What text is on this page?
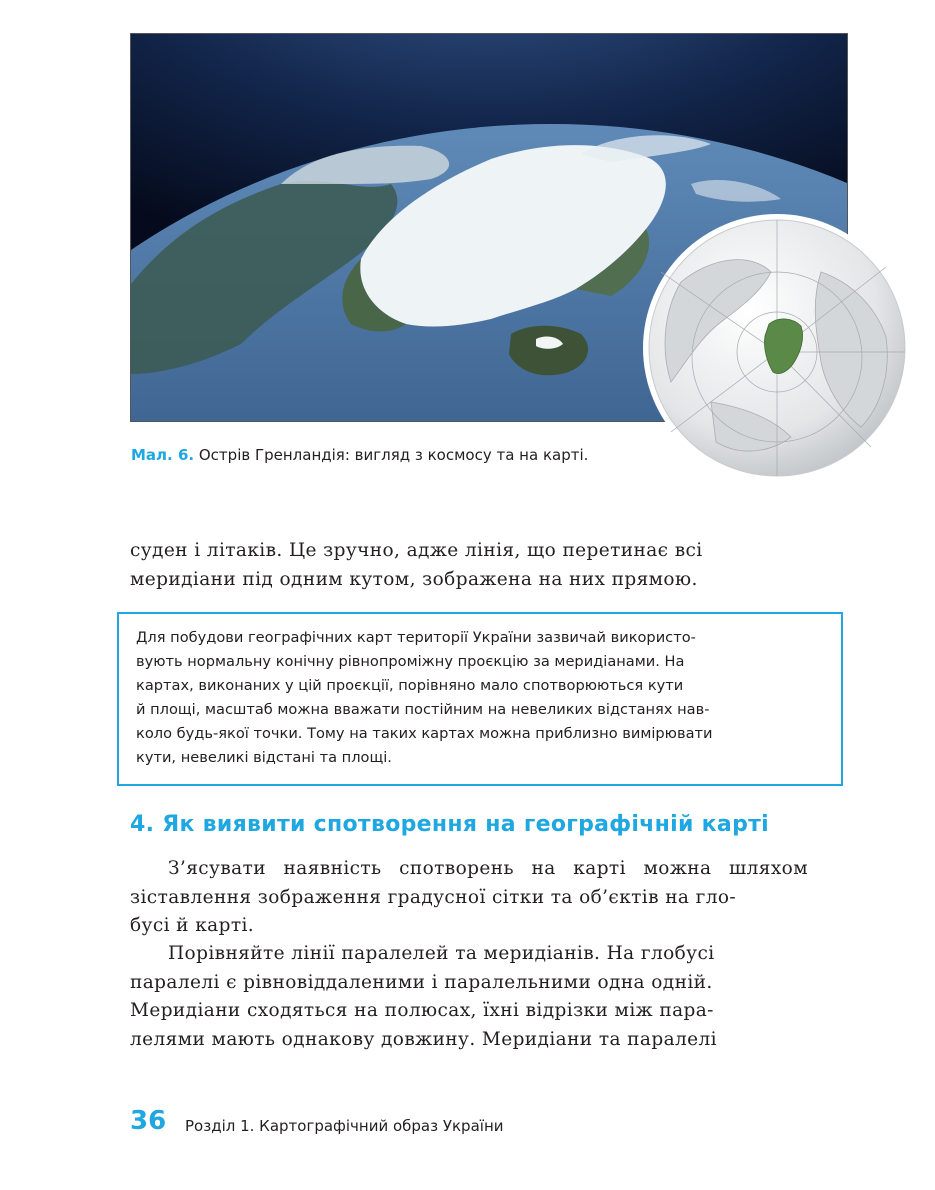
Мал. 6. Острів Гренландія: вигляд з космосу та на карті.
суден і літаків. Це зручно, адже лінія, що перетинає всі
меридіани під одним кутом, зображена на них прямою.
Для побудови географічних карт території України зазвичай використо-
вують нормальну конічну рівнопроміжну проєкцію за меридіанами. На
картах, виконаних у цій проєкції, порівняно мало спотворюються кути
й площі, масштаб можна вважати постійним на невеликих відстанях нав-
коло будь-якої точки. Тому на таких картах можна приблизно вимірювати
кути, невеликі відстані та площі.
4. Як виявити спотворення на географічній карті
З’ясувати наявність спотворень на карті можна шляхом
зіставлення зображення градусної сітки та об’єктів на гло-
бусі й карті.
Порівняйте лінії паралелей та меридіанів. На глобусі
паралелі є рівновіддаленими і паралельними одна одній.
Меридіани сходяться на полюсах, їхні відрізки між пара-
лелями мають однакову довжину. Меридіани та паралелі
36 Розділ 1. Картографічний образ України
